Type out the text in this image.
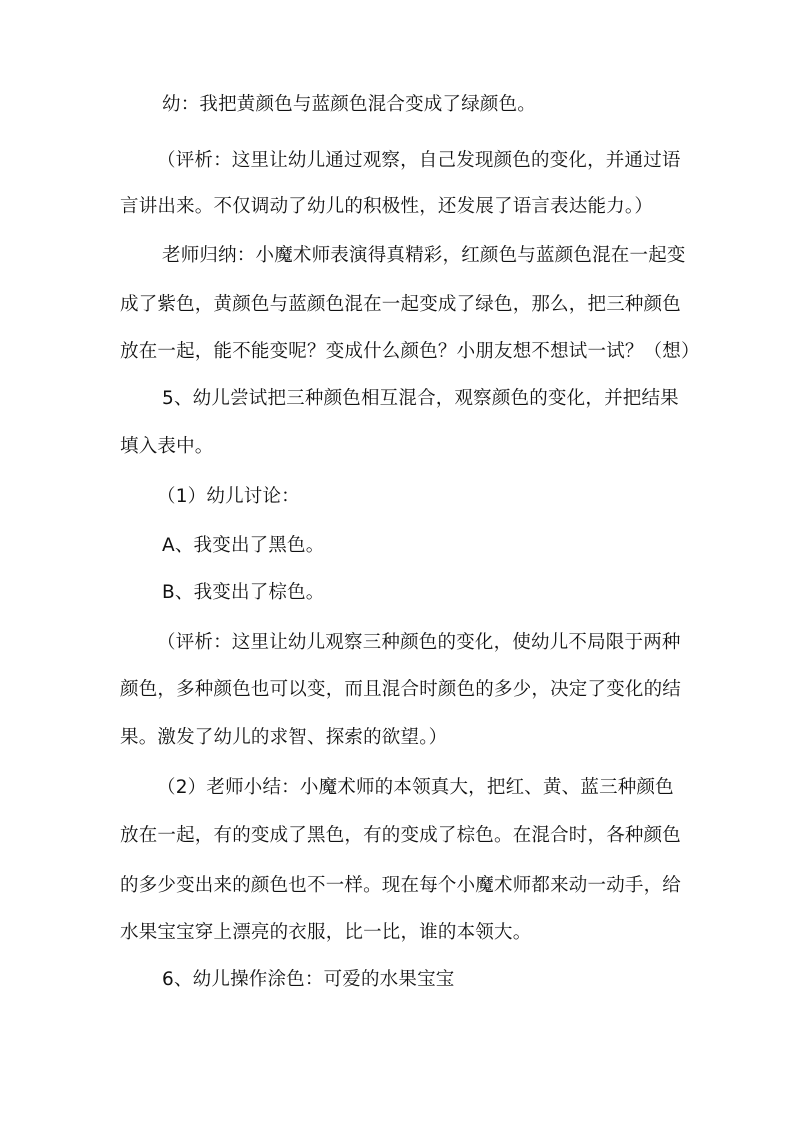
幼：我把黄颜色与蓝颜色混合变成了绿颜色。
（评析：这里让幼儿通过观察，自己发现颜色的变化，并通过语
言讲出来。不仅调动了幼儿的积极性，还发展了语言表达能力。）
老师归纳：小魔术师表演得真精彩，红颜色与蓝颜色混在一起变
成了紫色，黄颜色与蓝颜色混在一起变成了绿色，那么，把三种颜色
放在一起，能不能变呢？变成什么颜色？小朋友想不想试一试？（想）
5、幼儿尝试把三种颜色相互混合，观察颜色的变化，并把结果
填入表中。
（1）幼儿讨论：
A、我变出了黑色。
B、我变出了棕色。
（评析：这里让幼儿观察三种颜色的变化，使幼儿不局限于两种
颜色，多种颜色也可以变，而且混合时颜色的多少，决定了变化的结
果。激发了幼儿的求智、探索的欲望。）
（2）老师小结：小魔术师的本领真大，把红、黄、蓝三种颜色
放在一起，有的变成了黑色，有的变成了棕色。在混合时，各种颜色
的多少变出来的颜色也不一样。现在每个小魔术师都来动一动手，给
水果宝宝穿上漂亮的衣服，比一比，谁的本领大。
6、幼儿操作涂色：可爱的水果宝宝
